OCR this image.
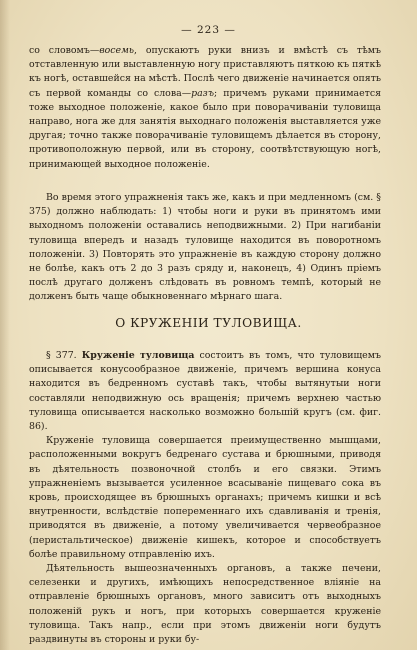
— 223 —

со словомъ—восемь, опускаютъ руки внизъ и вмѣстѣ съ тѣмъ отставленную или выставленную ногу приставляютъ пяткою къ пяткѣ къ ногѣ, оставшейся на мѣстѣ. Послѣ чего движеніе начинается опять съ первой команды со слова—разъ; причемъ руками принимается тоже выходное положеніе, какое было при поворачиваніи туловища направо, нога же для занятія выходнаго положенія выставляется уже другая; точно также поворачиваніе туловищемъ дѣлается въ сторону, противоположную первой, или въ сторону, соотвѣтствующую ногѣ, принимающей выходное положеніе.

Во время этого упражненія такъ же, какъ и при медленномъ (см. § 375) должно наблюдать: 1) чтобы ноги и руки въ принятомъ ими выходномъ положеніи оставались неподвижными. 2) При нагибаніи туловища впередъ и назадъ туловище находится въ поворотномъ положеніи. 3) Повторять это упражненіе въ каждую сторону должно не болѣе, какъ отъ 2 до 3 разъ сряду и, наконецъ, 4) Одинъ пріемъ послѣ другаго долженъ слѣдовать въ ровномъ темпѣ, который не долженъ быть чаще обыкновеннаго мѣрнаго шага.

О КРУЖЕНІИ ТУЛОВИЩА.

§ 377. Круженіе туловища состоитъ въ томъ, что туловищемъ описывается конусообразное движеніе, причемъ вершина конуса находится въ бедренномъ суставѣ такъ, чтобы вытянутыи ноги составляли неподвижную ось вращенія; причемъ верхнею частью туловища описывается насколько возможно большій кругъ (см. фиг. 86).

Круженіе туловища совершается преимущественно мышцами, расположенными вокругъ бедренаго сустава и брюшными, приводя въ дѣятельность позвоночной столбъ и его связки. Этимъ упражненіемъ вызывается усиленное всасываніе пищеваго сока въ кровь, происходящее въ брюшныхъ органахъ; причемъ кишки и всѣ внутренности, вслѣдствіе попеременнаго ихъ сдавливанія и тренія, приводятся въ движеніе, а потому увеличивается червеобразное (перистальтическое) движеніе кишекъ, которое и способствуетъ болѣе правильному отправленію ихъ.

Дѣятельность вышеозначенныхъ органовъ, а также печени, селезенки и другихъ, имѣющихъ непосредственное вліяніе на отправленіе брюшныхъ органовъ, много зависитъ отъ выходныхъ положеній рукъ и ногъ, при которыхъ совершается круженіе туловища. Такъ напр., если при этомъ движеніи ноги будутъ раздвинуты въ стороны и руки бу-
